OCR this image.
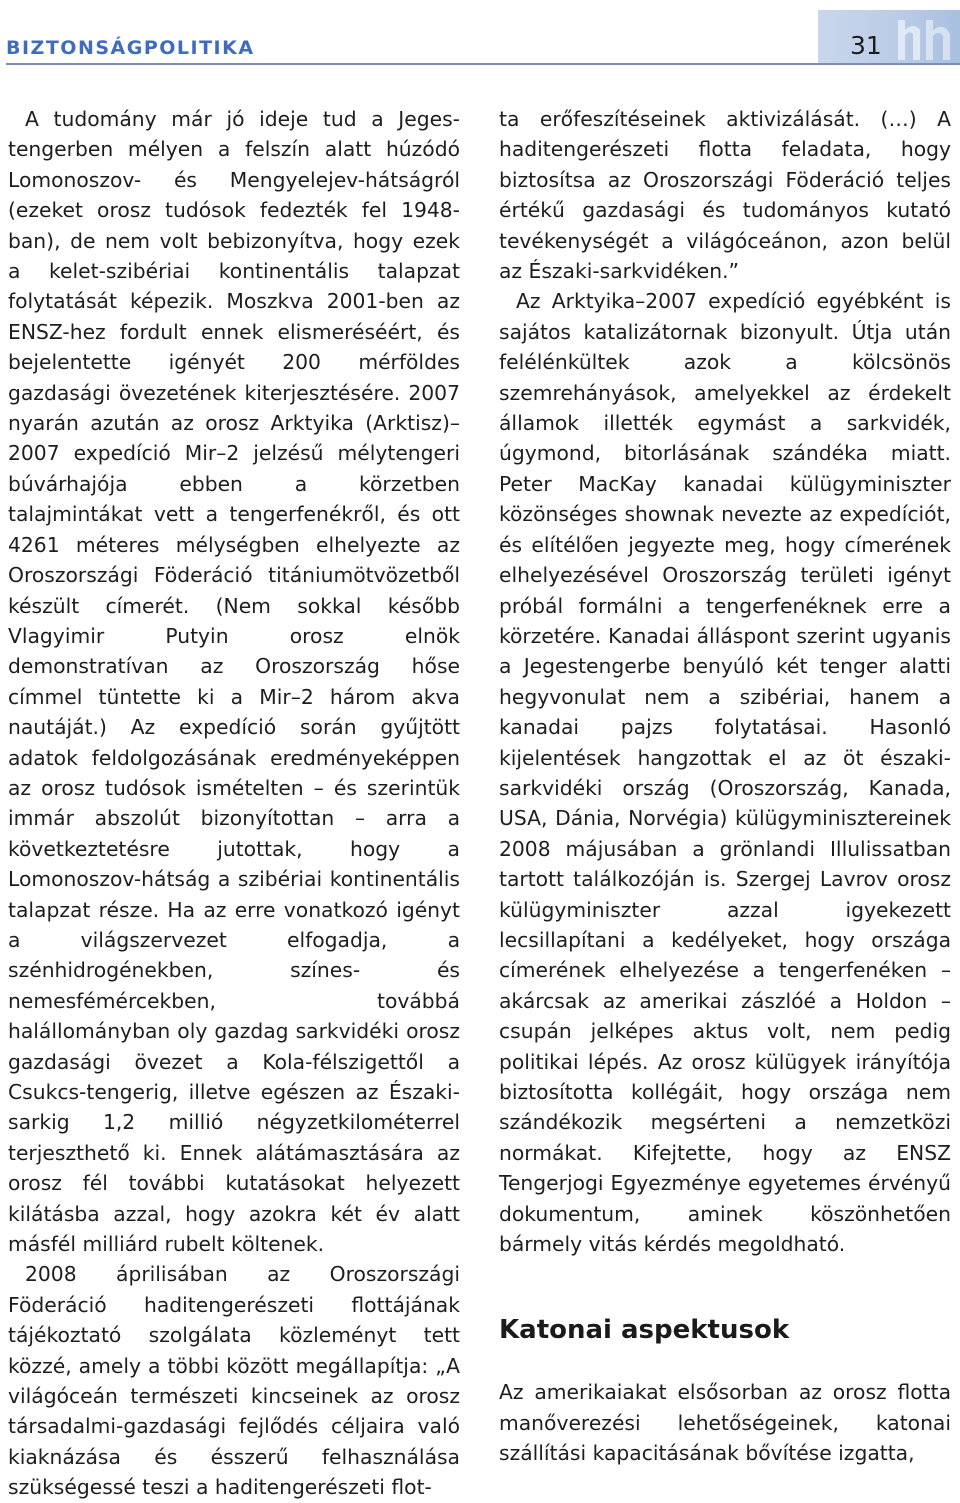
BIZTONSÁGPOLITIKA	31

A tudomány már jó ideje tud a Jeges-tengerben mélyen a felszín alatt húzódó Lomonoszov- és Mengyelejev-hátságról (ezeket orosz tudósok fedezték fel 1948-ban), de nem volt bebizonyítva, hogy ezek a kelet-szibériai kontinentális talapzat folytatását képezik. Moszkva 2001-ben az ENSZ-hez fordult ennek elismeréséért, és bejelentette igényét 200 mérföldes gazdasági övezetének kiterjesztésére. 2007 nyarán azután az orosz Arktyika (Arktisz)–2007 expedíció Mir–2 jelzésű mélytengeri búvárhajója ebben a körzetben talajmintákat vett a tengerfenékről, és ott 4261 méteres mélységben elhelyezte az Oroszországi Föderáció titániumötvözetből készült címerét. (Nem sokkal később Vlagyimir Putyin orosz elnök demonstratívan az Oroszország hőse címmel tüntette ki a Mir–2 három akva nautáját.) Az expedíció során gyűjtött adatok feldolgozásának eredményeképpen az orosz tudósok ismételten – és szerintük immár abszolút bizonyítottan – arra a következtetésre jutottak, hogy a Lomonoszov-hátság a szibériai kontinentális talapzat része. Ha az erre vonatkozó igényt a világszervezet elfogadja, a szénhidrogénekben, színes- és nemesfémércekben, továbbá halállományban oly gazdag sarkvidéki orosz gazdasági övezet a Kola-félszigettől a Csukcs-tengerig, illetve egészen az Északi-sarkig 1,2 millió négyzetkilométerrel terjeszthető ki. Ennek alátámasztására az orosz fél további kutatásokat helyezett kilátásba azzal, hogy azokra két év alatt másfél milliárd rubelt költenek.

2008 áprilisában az Oroszországi Föderáció haditengerészeti flottájának tájékoztató szolgálata közleményt tett közzé, amely a többi között megállapítja: „A világóceán természeti kincseinek az orosz társadalmi-gazdasági fejlődés céljaira való kiaknázása és ésszerű felhasználása szükségessé teszi a haditengerészeti flot-

ta erőfeszítéseinek aktivizálását. (…) A haditengerészeti flotta feladata, hogy biztosítsa az Oroszországi Föderáció teljes értékű gazdasági és tudományos kutató tevékenységét a világóceánon, azon belül az Északi-sarkvidéken.”

Az Arktyika–2007 expedíció egyébként is sajátos katalizátornak bizonyult. Útja után felélénkültek azok a kölcsönös szemrehányások, amelyekkel az érdekelt államok illették egymást a sarkvidék, úgymond, bitorlásának szándéka miatt. Peter MacKay kanadai külügyminiszter közönséges shownak nevezte az expedíciót, és elítélően jegyezte meg, hogy címerének elhelyezésével Oroszország területi igényt próbál formálni a tengerfenéknek erre a körzetére. Kanadai álláspont szerint ugyanis a Jegestengerbe benyúló két tenger alatti hegyvonulat nem a szibériai, hanem a kanadai pajzs folytatásai. Hasonló kijelentések hangzottak el az öt északi-sarkvidéki ország (Oroszország, Kanada, USA, Dánia, Norvégia) külügyminisztereinek 2008 májusában a grönlandi Illulissatban tartott találkozóján is. Szergej Lavrov orosz külügyminiszter azzal igyekezett lecsillapítani a kedélyeket, hogy országa címerének elhelyezése a tengerfenéken – akárcsak az amerikai zászlóé a Holdon – csupán jelképes aktus volt, nem pedig politikai lépés. Az orosz külügyek irányítója biztosította kollégáit, hogy országa nem szándékozik megsérteni a nemzetközi normákat. Kifejtette, hogy az ENSZ Tengerjogi Egyezménye egyetemes érvényű dokumentum, aminek köszönhetően bármely vitás kérdés megoldható.

Katonai aspektusok

Az amerikaiakat elsősorban az orosz flotta manőverezési lehetőségeinek, katonai szállítási kapacitásának bővítése izgatta,
